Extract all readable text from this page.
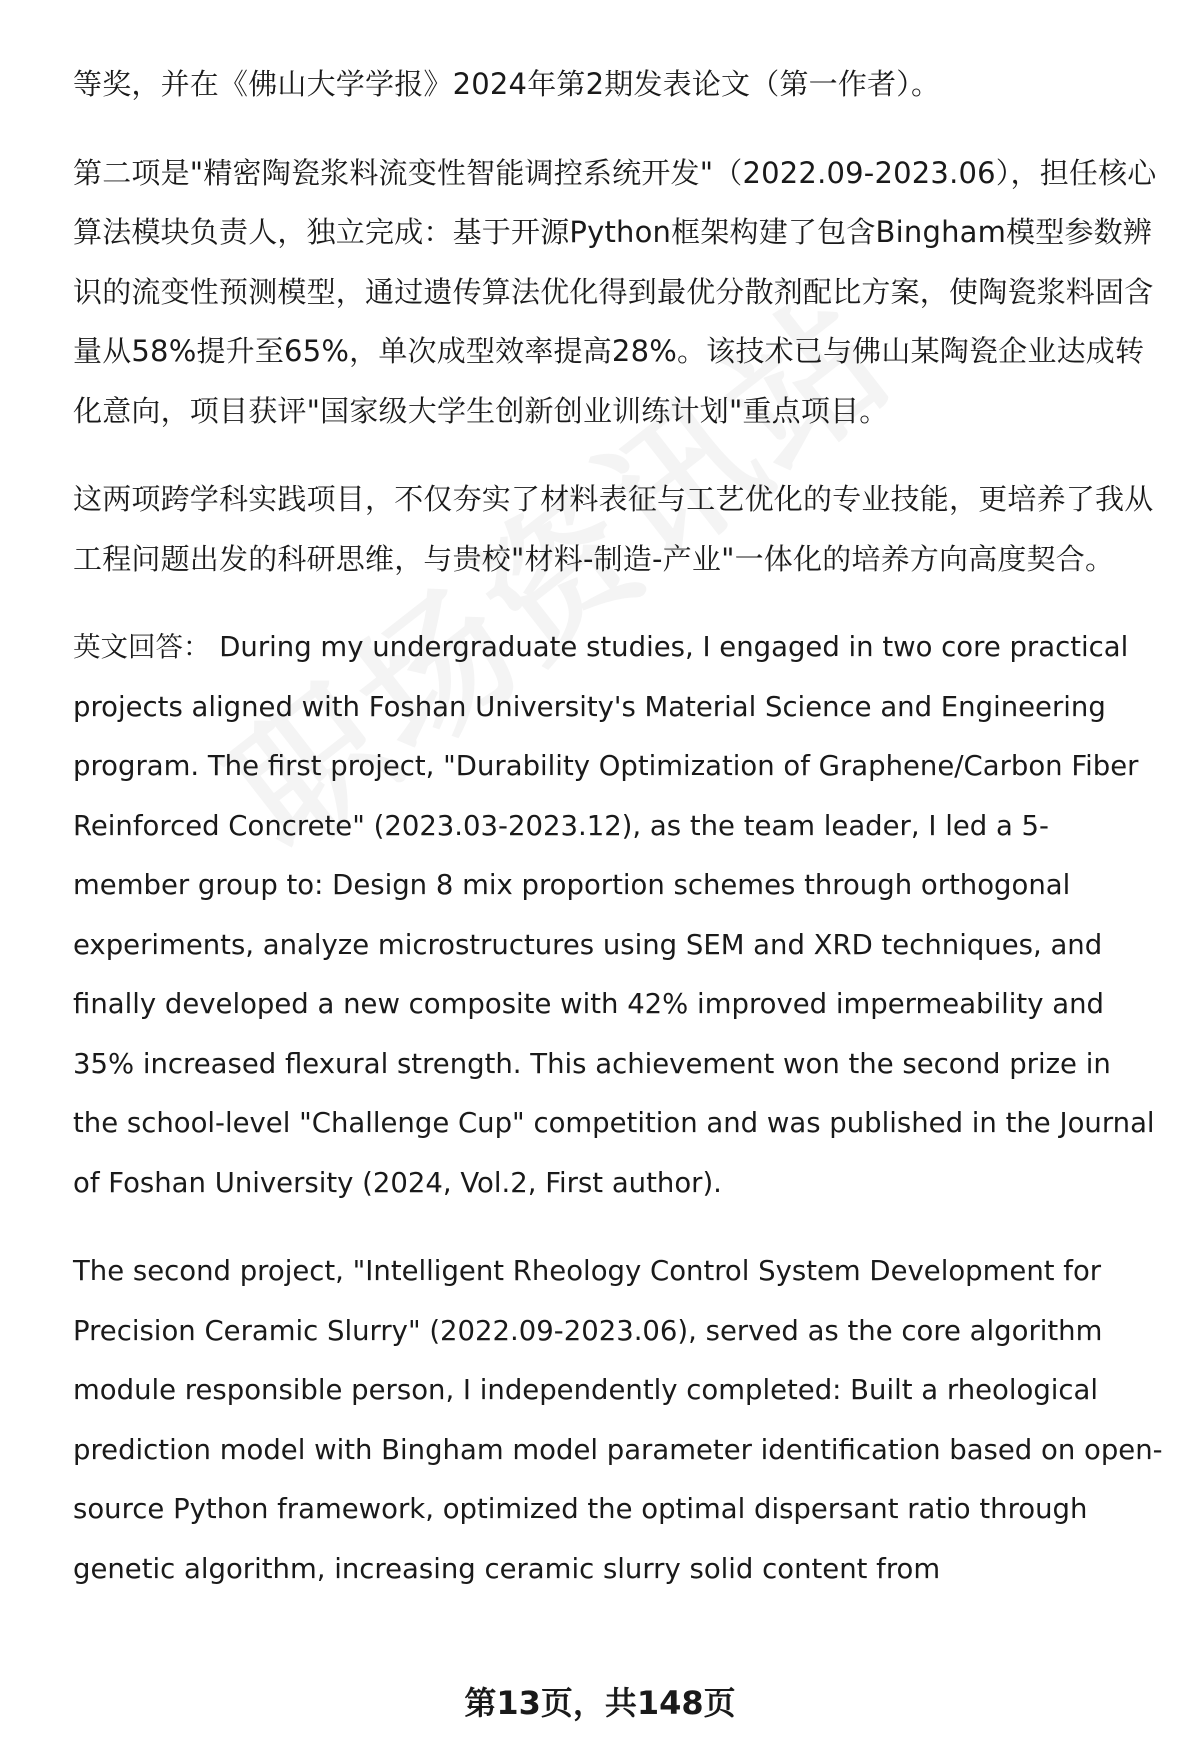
等奖，并在《佛山大学学报》2024年第2期发表论文（第一作者）。

第二项是"精密陶瓷浆料流变性智能调控系统开发"（2022.09-2023.06），担任核心算法模块负责人，独立完成：基于开源Python框架构建了包含Bingham模型参数辨识的流变性预测模型，通过遗传算法优化得到最优分散剂配比方案，使陶瓷浆料固含量从58%提升至65%，单次成型效率提高28%。该技术已与佛山某陶瓷企业达成转化意向，项目获评"国家级大学生创新创业训练计划"重点项目。

这两项跨学科实践项目，不仅夯实了材料表征与工艺优化的专业技能，更培养了我从工程问题出发的科研思维，与贵校"材料-制造-产业"一体化的培养方向高度契合。

英文回答： During my undergraduate studies, I engaged in two core practical projects aligned with Foshan University's Material Science and Engineering program. The first project, "Durability Optimization of Graphene/Carbon Fiber Reinforced Concrete" (2023.03-2023.12), as the team leader, I led a 5-member group to: Design 8 mix proportion schemes through orthogonal experiments, analyze microstructures using SEM and XRD techniques, and finally developed a new composite with 42% improved impermeability and 35% increased flexural strength. This achievement won the second prize in the school-level "Challenge Cup" competition and was published in the Journal of Foshan University (2024, Vol.2, First author).

The second project, "Intelligent Rheology Control System Development for Precision Ceramic Slurry" (2022.09-2023.06), served as the core algorithm module responsible person, I independently completed: Built a rheological prediction model with Bingham model parameter identification based on open-source Python framework, optimized the optimal dispersant ratio through genetic algorithm, increasing ceramic slurry solid content from

第13页，共148页
